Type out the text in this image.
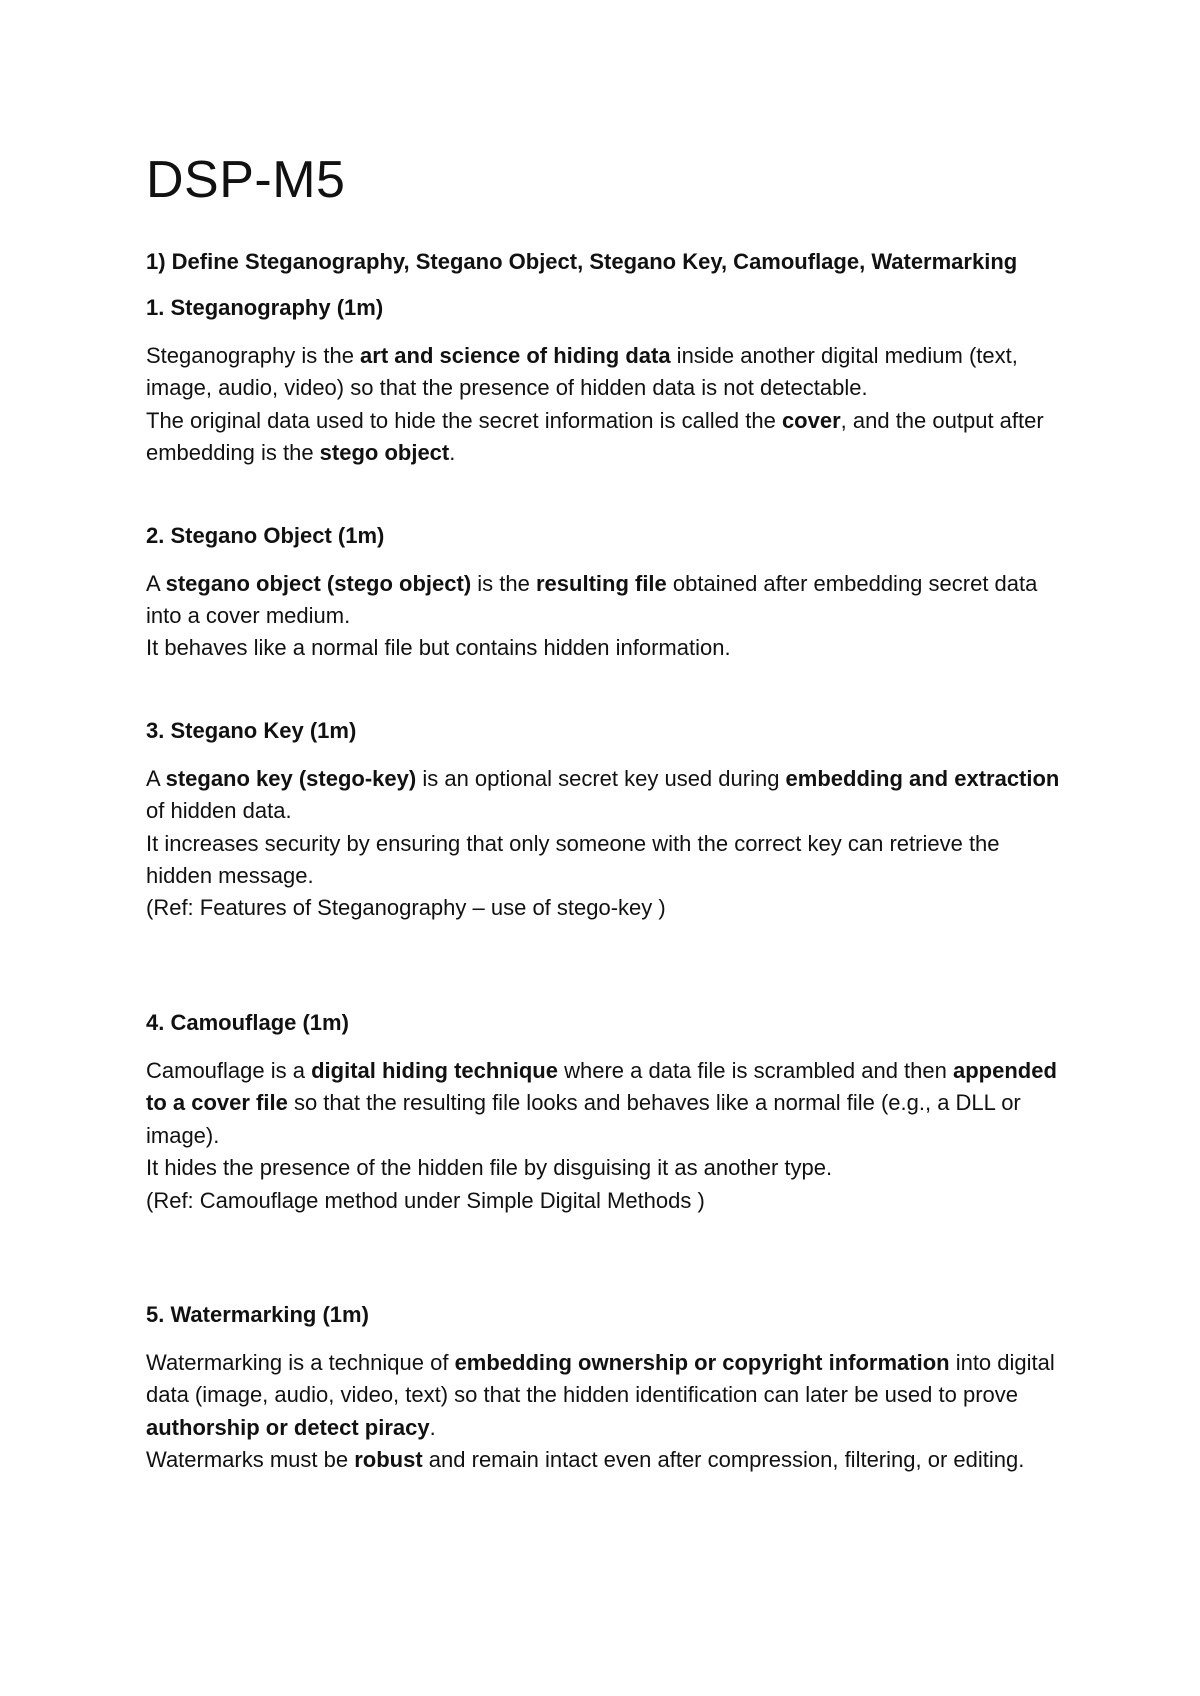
DSP-M5

1) Define Steganography, Stegano Object, Stegano Key, Camouflage, Watermarking

1. Steganography (1m)

Steganography is the art and science of hiding data inside another digital medium (text, image, audio, video) so that the presence of hidden data is not detectable.
The original data used to hide the secret information is called the cover, and the output after embedding is the stego object.

2. Stegano Object (1m)

A stegano object (stego object) is the resulting file obtained after embedding secret data into a cover medium.
It behaves like a normal file but contains hidden information.

3. Stegano Key (1m)

A stegano key (stego-key) is an optional secret key used during embedding and extraction of hidden data.
It increases security by ensuring that only someone with the correct key can retrieve the hidden message.
(Ref: Features of Steganography – use of stego-key )

4. Camouflage (1m)

Camouflage is a digital hiding technique where a data file is scrambled and then appended to a cover file so that the resulting file looks and behaves like a normal file (e.g., a DLL or image).
It hides the presence of the hidden file by disguising it as another type.
(Ref: Camouflage method under Simple Digital Methods )

5. Watermarking (1m)

Watermarking is a technique of embedding ownership or copyright information into digital data (image, audio, video, text) so that the hidden identification can later be used to prove authorship or detect piracy.
Watermarks must be robust and remain intact even after compression, filtering, or editing.
